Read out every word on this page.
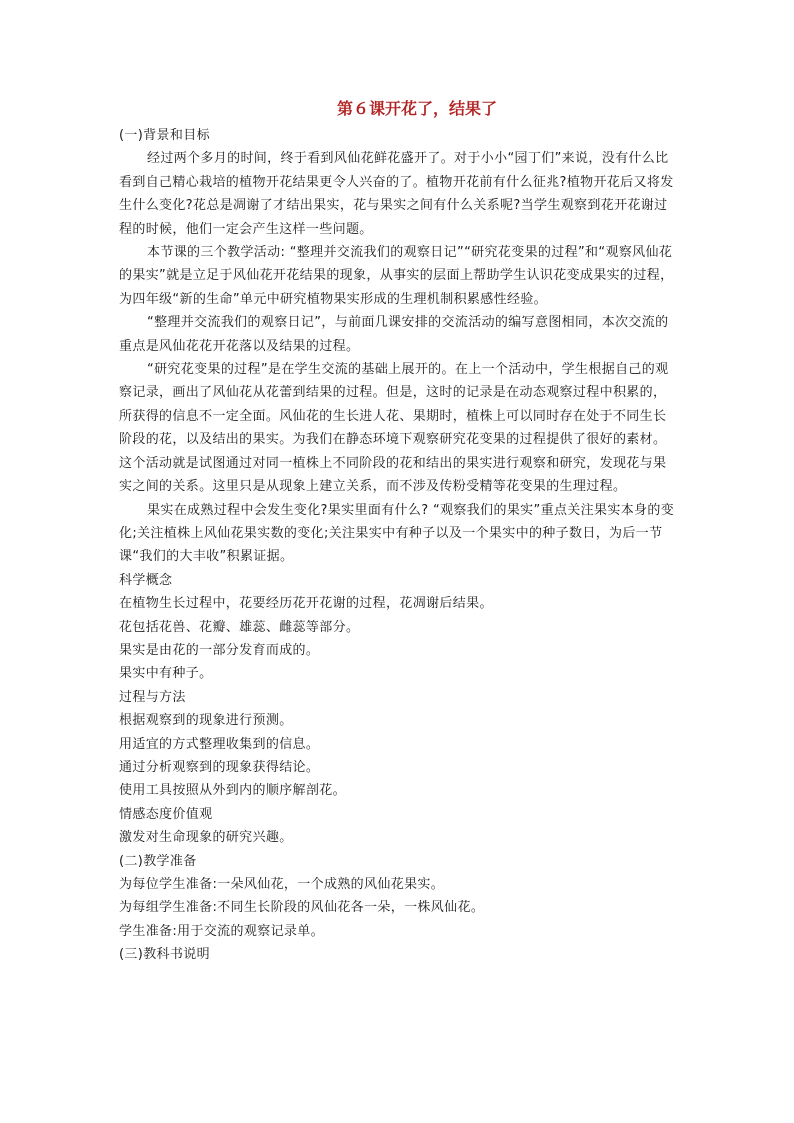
第６课开花了，结果了

(一)背景和目标

经过两个多月的时间，终于看到风仙花鲜花盛开了。对于小小“园丁们”来说，没有什么比看到自己精心栽培的植物开花结果更令人兴奋的了。植物开花前有什么征兆?植物开花后又将发生什么变化?花总是凋谢了才结出果实，花与果实之间有什么关系呢?当学生观察到花开花谢过程的时候，他们一定会产生这样一些问题。

本节课的三个教学活动: “整理并交流我们的观察日记”“研究花变果的过程”和“观察风仙花的果实”就是立足于风仙花开花结果的现象，从事实的层面上帮助学生认识花变成果实的过程，为四年级“新的生命”单元中研究植物果实形成的生理机制积累感性经验。

“整理并交流我们的观察日记”，与前面几课安排的交流活动的编写意图相同，本次交流的重点是风仙花花开花落以及结果的过程。

“研究花变果的过程”是在学生交流的基础上展开的。在上一个活动中，学生根据自己的观察记录，画出了风仙花从花蕾到结果的过程。但是，这时的记录是在动态观察过程中积累的，所获得的信息不一定全面。风仙花的生长进人花、果期时，植株上可以同时存在处于不同生长阶段的花，以及结出的果实。为我们在静态环境下观察研究花变果的过程提供了很好的素材。这个活动就是试图通过对同一植株上不同阶段的花和结出的果实进行观察和研究，发现花与果实之间的关系。这里只是从现象上建立关系，而不涉及传粉受精等花变果的生理过程。

果实在成熟过程中会发生变化?果实里面有什么? “观察我们的果实”重点关注果实本身的变化;关注植株上风仙花果实数的变化;关注果实中有种子以及一个果实中的种子数日，为后一节课“我们的大丰收”积累证据。

科学概念

在植物生长过程中，花要经历花开花谢的过程，花凋谢后结果。

花包括花兽、花瓣、雄蕊、雌蕊等部分。

果实是由花的一部分发育而成的。

果实中有种子。

过程与方法

根据观察到的现象进行预测。

用适宜的方式整理收集到的信息。

通过分析观察到的现象获得结论。

使用工具按照从外到内的顺序解剖花。

情感态度价值观

激发对生命现象的研究兴趣。

(二)教学准备

为每位学生准备:一朵风仙花，一个成熟的风仙花果实。

为每组学生准备:不同生长阶段的风仙花各一朵，一株风仙花。

学生准备:用于交流的观察记录单。

(三)教科书说明
